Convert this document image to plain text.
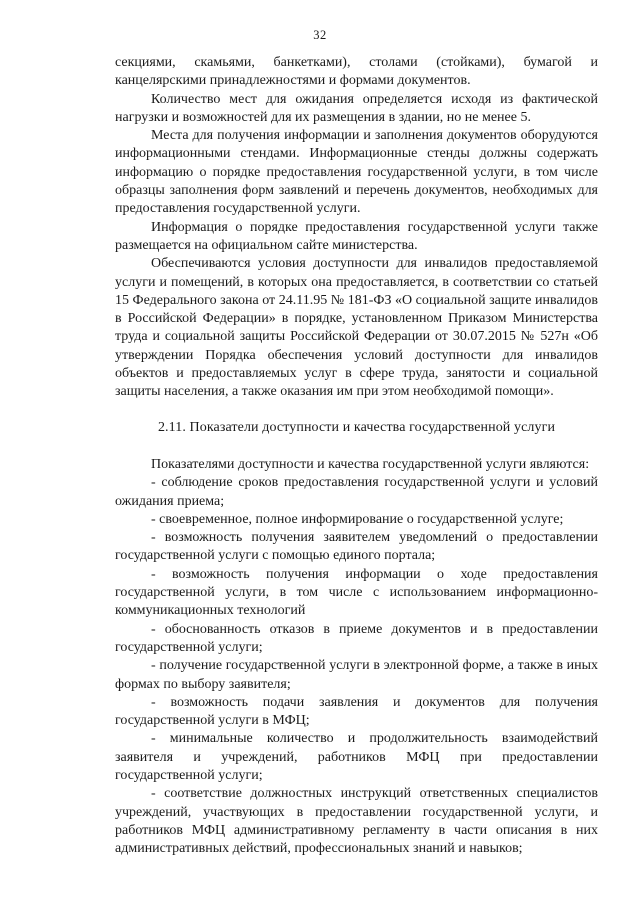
32

секциями, скамьями, банкетками), столами (стойками), бумагой и канцелярскими принадлежностями и формами документов.

Количество мест для ожидания определяется исходя из фактической нагрузки и возможностей для их размещения в здании, но не менее 5.

Места для получения информации и заполнения документов оборудуются информационными стендами. Информационные стенды должны содержать информацию о порядке предоставления государственной услуги, в том числе образцы заполнения форм заявлений и перечень документов, необходимых для предоставления государственной услуги.

Информация о порядке предоставления государственной услуги также размещается на официальном сайте министерства.

Обеспечиваются условия доступности для инвалидов предоставляемой услуги и помещений, в которых она предоставляется, в соответствии со статьей 15 Федерального закона от 24.11.95 № 181-ФЗ «О социальной защите инвалидов в Российской Федерации» в порядке, установленном Приказом Министерства труда и социальной защиты Российской Федерации от 30.07.2015 № 527н «Об утверждении Порядка обеспечения условий доступности для инвалидов объектов и предоставляемых услуг в сфере труда, занятости и социальной защиты населения, а также оказания им при этом необходимой помощи».

2.11. Показатели доступности и качества государственной услуги

Показателями доступности и качества государственной услуги являются:

- соблюдение сроков предоставления государственной услуги и условий ожидания приема;

- своевременное, полное информирование о государственной услуге;

- возможность получения заявителем уведомлений о предоставлении государственной услуги с помощью единого портала;

- возможность получения информации о ходе предоставления государственной услуги, в том числе с использованием информационно-коммуникационных технологий

- обоснованность отказов в приеме документов и в предоставлении государственной услуги;

- получение государственной услуги в электронной форме, а также в иных формах по выбору заявителя;

- возможность подачи заявления и документов для получения государственной услуги в МФЦ;

- минимальные количество и продолжительность взаимодействий заявителя и учреждений, работников МФЦ при предоставлении государственной услуги;

- соответствие должностных инструкций ответственных специалистов учреждений, участвующих в предоставлении государственной услуги, и работников МФЦ административному регламенту в части описания в них административных действий, профессиональных знаний и навыков;
